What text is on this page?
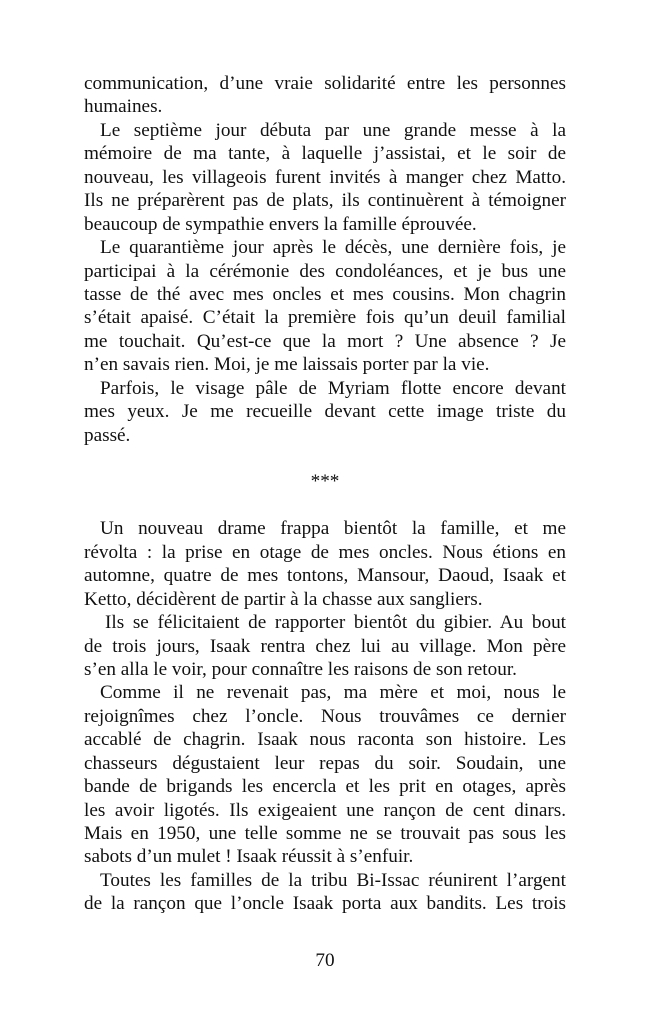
communication, d’une vraie solidarité entre les personnes
humaines.
Le septième jour débuta par une grande messe à la
mémoire de ma tante, à laquelle j’assistai, et le soir de
nouveau, les villageois furent invités à manger chez Matto.
Ils ne préparèrent pas de plats, ils continuèrent à témoigner
beaucoup de sympathie envers la famille éprouvée.
Le quarantième jour après le décès, une dernière fois, je
participai à la cérémonie des condoléances, et je bus une
tasse de thé avec mes oncles et mes cousins. Mon chagrin
s’était apaisé. C’était la première fois qu’un deuil familial
me touchait. Qu’est-ce que la mort ? Une absence ? Je
n’en savais rien. Moi, je me laissais porter par la vie.
Parfois, le visage pâle de Myriam flotte encore devant
mes yeux. Je me recueille devant cette image triste du
passé.
***
Un nouveau drame frappa bientôt la famille, et me
révolta : la prise en otage de mes oncles. Nous étions en
automne, quatre de mes tontons, Mansour, Daoud, Isaak et
Ketto, décidèrent de partir à la chasse aux sangliers.
Ils se félicitaient de rapporter bientôt du gibier. Au bout
de trois jours, Isaak rentra chez lui au village. Mon père
s’en alla le voir, pour connaître les raisons de son retour.
Comme il ne revenait pas, ma mère et moi, nous le
rejoignîmes chez l’oncle. Nous trouvâmes ce dernier
accablé de chagrin. Isaak nous raconta son histoire. Les
chasseurs dégustaient leur repas du soir. Soudain, une
bande de brigands les encercla et les prit en otages, après
les avoir ligotés. Ils exigeaient une rançon de cent dinars.
Mais en 1950, une telle somme ne se trouvait pas sous les
sabots d’un mulet ! Isaak réussit à s’enfuir.
Toutes les familles de la tribu Bi-Issac réunirent l’argent
de la rançon que l’oncle Isaak porta aux bandits. Les trois
70
